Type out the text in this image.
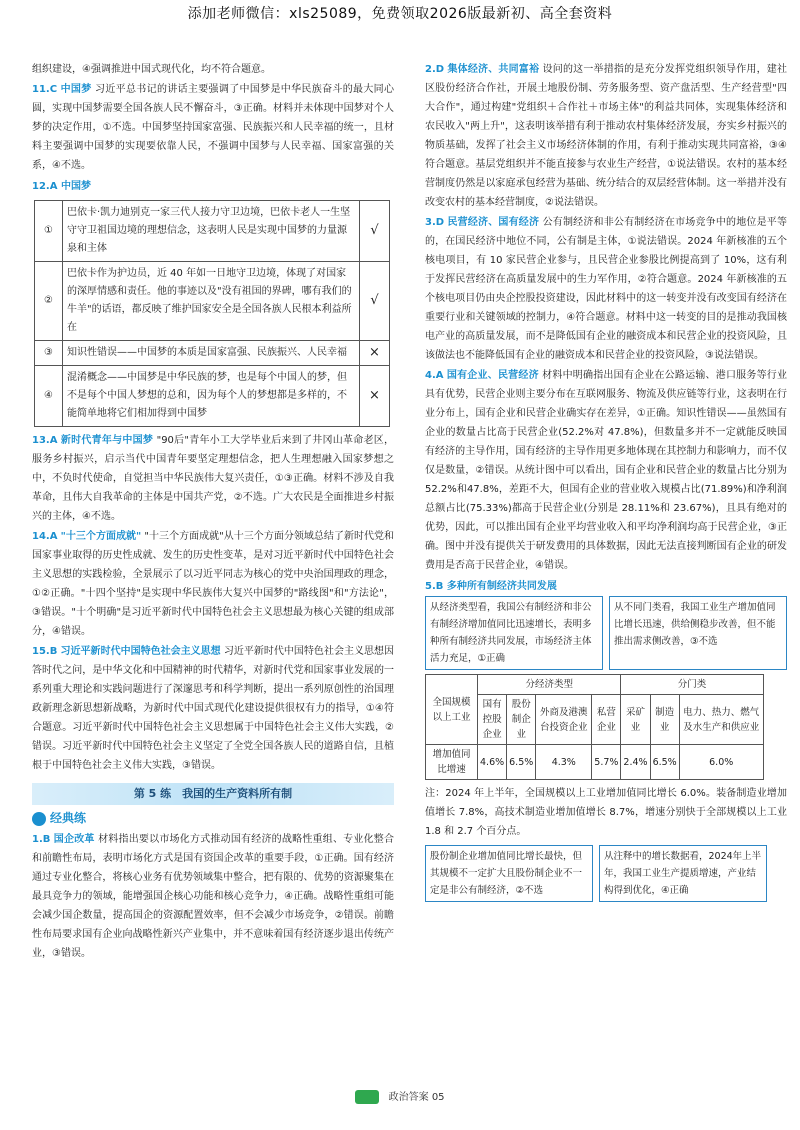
添加老师微信：xls25089，免费领取2026版最新初、高全套资料

组织建设，④强调推进中国式现代化，均不符合题意。

11.C 中国梦 习近平总书记的讲话主要强调了中国梦是中华民族奋斗的最大同心圆，实现中国梦需要全国各族人民不懈奋斗，③正确。材料并未体现中国梦对个人梦的决定作用，①不选。中国梦坚持国家富强、民族振兴和人民幸福的统一，且材料主要强调中国梦的实现要依靠人民，不强调中国梦与人民幸福、国家富强的关系，④不选。

12.A 中国梦
①	巴依卡·凯力迪别克一家三代人接力守卫边境，巴依卡老人一生坚守守卫祖国边境的理想信念，这表明人民是实现中国梦的力量源泉和主体	√
②	巴依卡作为护边员，近 40 年如一日地守卫边境，体现了对国家的深厚情感和责任。他的事迹以及"没有祖国的界碑，哪有我们的牛羊"的话语，都反映了维护国家安全是全国各族人民根本利益所在	√
③	知识性错误——中国梦的本质是国家富强、民族振兴、人民幸福	×
④	混淆概念——中国梦是中华民族的梦，也是每个中国人的梦，但不是每个中国人梦想的总和，因为每个人的梦想都是多样的，不能简单地将它们相加得到中国梦	×

13.A 新时代青年与中国梦 "90后"青年小工大学毕业后来到了井冈山革命老区，服务乡村振兴，启示当代中国青年要坚定理想信念，把人生理想融入国家梦想之中，不负时代使命，自觉担当中华民族伟大复兴责任，①③正确。材料不涉及自我革命，且伟大自我革命的主体是中国共产党，②不选。广大农民是全面推进乡村振兴的主体，④不选。

14.A "十三个方面成就" "十三个方面成就"从十三个方面分领域总结了新时代党和国家事业取得的历史性成就、发生的历史性变革，是对习近平新时代中国特色社会主义思想的实践检验，全景展示了以习近平同志为核心的党中央治国理政的理念，①②正确。"十四个坚持"是实现中华民族伟大复兴中国梦的"路线图"和"方法论"，③错误。"十个明确"是习近平新时代中国特色社会主义思想最为核心关键的组成部分，④错误。

15.B 习近平新时代中国特色社会主义思想 习近平新时代中国特色社会主义思想因答时代之问，是中华文化和中国精神的时代精华，对新时代党和国家事业发展的一系列重大理论和实践问题进行了深邃思考和科学判断，提出一系列原创性的治国理政新理念新思想新战略，为新时代中国式现代化建设提供很权有力的指导，①④符合题意。习近平新时代中国特色社会主义思想属于中国特色社会主义伟大实践，②错误。习近平新时代中国特色社会主义坚定了全党全国各族人民的道路自信，且植根于中国特色社会主义伟大实践，③错误。

第 5 练　我国的生产资料所有制
经典练

1.B 国企改革 材料指出要以市场化方式推动国有经济的战略性重组、专业化整合和前瞻性布局，表明市场化方式是国有资国企改革的重要手段，①正确。国有经济通过专业化整合，将核心业务有优势领域集中整合，把有限的、优势的资源聚集在最具竞争力的领域，能增强国企核心功能和核心竞争力，④正确。战略性重组可能会减少国企数量，提高国企的资源配置效率，但不会减少市场竞争，②错误。前瞻性布局要求国有企业向战略性新兴产业集中，并不意味着国有经济逐步退出传统产业，③错误。

2.D 集体经济、共同富裕 设问的这一举措指的是充分发挥党组织领导作用，建社区股份经济合作社，开展土地股份制、劳务服务型、资产盘活型、生产经营型"四大合作"，通过构建"党组织＋合作社＋市场主体"的利益共同体，实现集体经济和农民收入"两上升"，这表明该举措有利于推动农村集体经济发展，夯实乡村振兴的物质基础，发挥了社会主义市场经济体制的作用，有利于推动实现共同富裕，③④符合题意。基层党组织并不能直接参与农业生产经营，①说法错误。农村的基本经营制度仍然是以家庭承包经营为基础、统分结合的双层经营体制。这一举措并没有改变农村的基本经营制度，②说法错误。

3.D 民营经济、国有经济 公有制经济和非公有制经济在市场竞争中的地位是平等的，在国民经济中地位不同，公有制是主体，①说法错误。2024 年新核准的五个核电项目，有 10 家民营企业参与，且民营企业参股比例提高到了 10%，这有利于发挥民营经济在高质量发展中的生力军作用，②符合题意。2024 年新核准的五个核电项目仍由央企控股投资建设，因此材料中的这一转变并没有改变国有经济在重要行业和关键领域的控制力，④符合题意。材料中这一转变的目的是推动我国核电产业的高质量发展，而不是降低国有企业的融资成本和民营企业的投资风险，且该做法也不能降低国有企业的融资成本和民营企业的投资风险，③说法错误。

4.A 国有企业、民营经济 材料中明确指出国有企业在公路运输、港口服务等行业具有优势，民营企业则主要分布在互联网服务、物流及供应链等行业，这表明在行业分布上，国有企业和民营企业确实存在差异，①正确。知识性错误——虽然国有企业的数量占比高于民营企业(52.2%对 47.8%)，但数量多并不一定就能反映国有经济的主导作用，国有经济的主导作用更多地体现在其控制力和影响力，而不仅仅是数量，②错误。从统计图中可以看出，国有企业和民营企业的数量占比分别为 52.2%和47.8%，差距不大，但国有企业的营业收入规模占比(71.89%)和净利润总额占比(75.33%)都高于民营企业(分别是 28.11%和 23.67%)，且具有绝对的优势，因此，可以推出国有企业平均营业收入和平均净利润均高于民营企业，③正确。图中并没有提供关于研发费用的具体数据，因此无法直接判断国有企业的研发费用是否高于民营企业，④错误。

5.B 多种所有制经济共同发展
从经济类型看，我国公有制经济和非公有制经济增加值同比迅速增长，表明多种所有制经济共同发展，市场经济主体活力充足，①正确
从不同门类看，我国工业生产增加值同比增长迅速，供给侧稳步改善，但不能推出需求侧改善，③不选
全国规模以上工业	分经济类型				分门类		
	国有控股企业	股份制企业	外商及港澳台投资企业	私营企业	采矿业	制造业	电力、热力、燃气及水生产和供应业
增加值同比增速	4.6%	6.5%	4.3%	5.7%	2.4%	6.5%	6.0%

注：2024 年上半年，全国规模以上工业增加值同比增长 6.0%。装备制造业增加值增长 7.8%，高技术制造业增加值增长 8.7%，增速分别快于全部规模以上工业 1.8 和 2.7 个百分点。

股份制企业增加值同比增长最快，但其规模不一定扩大且股份制企业不一定是非公有制经济，②不选
从注释中的增长数据看，2024年上半年，我国工业生产提质增速，产业结构得到优化，④正确
政治答案 05
